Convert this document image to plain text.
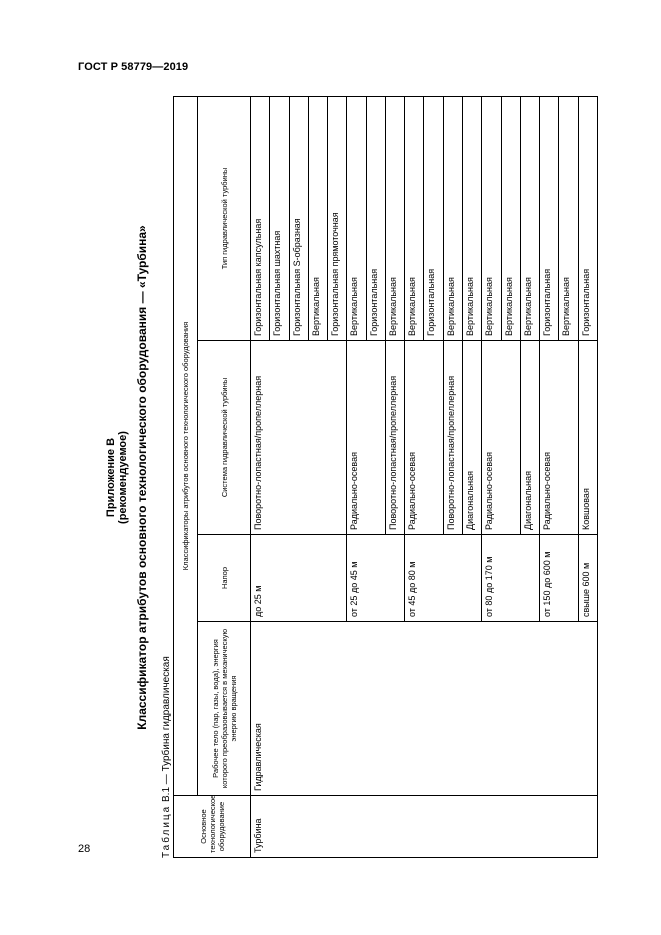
ГОСТ Р 58779—2019
Приложение В (рекомендуемое) Классификатор атрибутов основного технологического оборудования — «Турбина»
Таблица В.1 — Турбина гидравлическая
Основное технологическое оборудование	Классификаторы атрибутов основного технологического оборудования			
	Рабочее тело (пар, газы, вода), энергия которого преобразовывается в механическую энергию вращения	Напор	Система гидравлической турбины	Тип гидравлической турбины
Турбина	Гидравлическая	до 25 м	Поворотно-лопастная/пропеллерная	Горизонтальная капсульная
				Горизонтальная шахтная
				Горизонтальная S-образная
				Вертикальная
				Горизонтальная прямоточная
		от 25 до 45 м	Радиально-осевая	Вертикальная
				Горизонтальная
			Поворотно-лопастная/пропеллерная	Вертикальная
		от 45 до 80 м	Радиально-осевая	Вертикальная
				Горизонтальная
			Поворотно-лопастная/пропеллерная	Вертикальная
			Диагональная	Вертикальная
		от 80 до 170 м	Радиально-осевая	Вертикальная
				Вертикальная
			Диагональная	Вертикальная
		от 150 до 600 м	Радиально-осевая	Горизонтальная
				Вертикальная
		свыше 600 м	Ковшовая	Горизонтальная
28
